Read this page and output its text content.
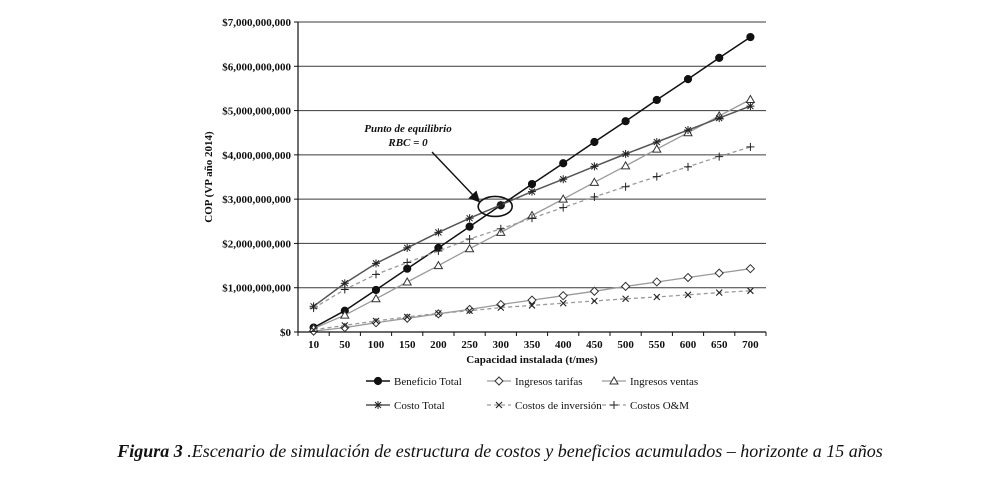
$0
$1,000,000,000
$2,000,000,000
$3,000,000,000
$4,000,000,000
$5,000,000,000
$6,000,000,000
$7,000,000,000
10 50 100 150 200 250 300 350 400 450 500 550 600 650 700
Capacidad instalada (t/mes)
COP (VP año 2014)
Punto de equilibrio
RBC = 0
Beneficio Total	Ingresos tarifas	Ingresos ventas
Costo Total	Costos de inversión	Costos O&M
Figura 3 .Escenario de simulación de estructura de costos y beneficios acumulados – horizonte a 15 años
